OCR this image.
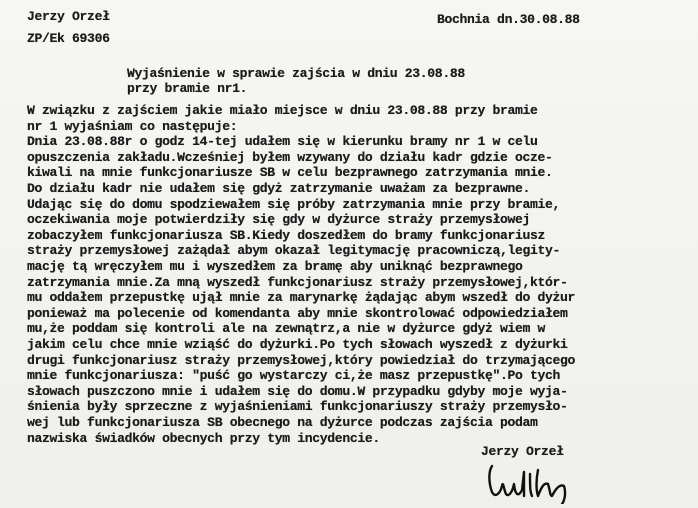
Jerzy Orzeł
ZP/Ek 69306
Bochnia dn.30.08.88
Wyjaśnienie w sprawie zajścia w dniu 23.08.88
przy bramie nr1.
W związku z zajściem jakie miało miejsce w dniu 23.08.88 przy bramie
nr 1 wyjaśniam co następuje:
Dnia 23.08.88r o godz 14-tej udałem się w kierunku bramy nr 1 w celu
opuszczenia zakładu.Wcześniej byłem wzywany do działu kadr gdzie ocze-
kiwali na mnie funkcjonariusze SB w celu bezprawnego zatrzymania mnie.
Do działu kadr nie udałem się gdyż zatrzymanie uważam za bezprawne.
Udając się do domu spodziewałem się próby zatrzymania mnie przy bramie,
oczekiwania moje potwierdziły się gdy w dyżurce straży przemysłowej
zobaczyłem funkcjonariusza SB.Kiedy doszedłem do bramy funkcjonariusz
straży przemysłowej zażądał abym okazał legitymację pracowniczą,legity-
mację tą wręczyłem mu i wyszedłem za bramę aby uniknąć bezprawnego
zatrzymania mnie.Za mną wyszedł funkcjonariusz straży przemysłowej,któr-
mu oddałem przepustkę ujął mnie za marynarkę żądając abym wszedł do dyżur
ponieważ ma polecenie od komendanta aby mnie skontrolować odpowiedziałem
mu,że poddam się kontroli ale na zewnątrz,a nie w dyżurce gdyż wiem w
jakim celu chce mnie wziąść do dyżurki.Po tych słowach wyszedł z dyżurki
drugi funkcjonariusz straży przemysłowej,który powiedział do trzymającego
mnie funkcjonariusza: "puść go wystarczy ci,że masz przepustkę".Po tych
słowach puszczono mnie i udałem się do domu.W przypadku gdyby moje wyja-
śnienia były sprzeczne z wyjaśnieniami funkcjonariuszy straży przemysło-
wej lub funkcjonariusza SB obecnego na dyżurce podczas zajścia podam
nazwiska świadków obecnych przy tym incydencie.
Jerzy Orzeł
